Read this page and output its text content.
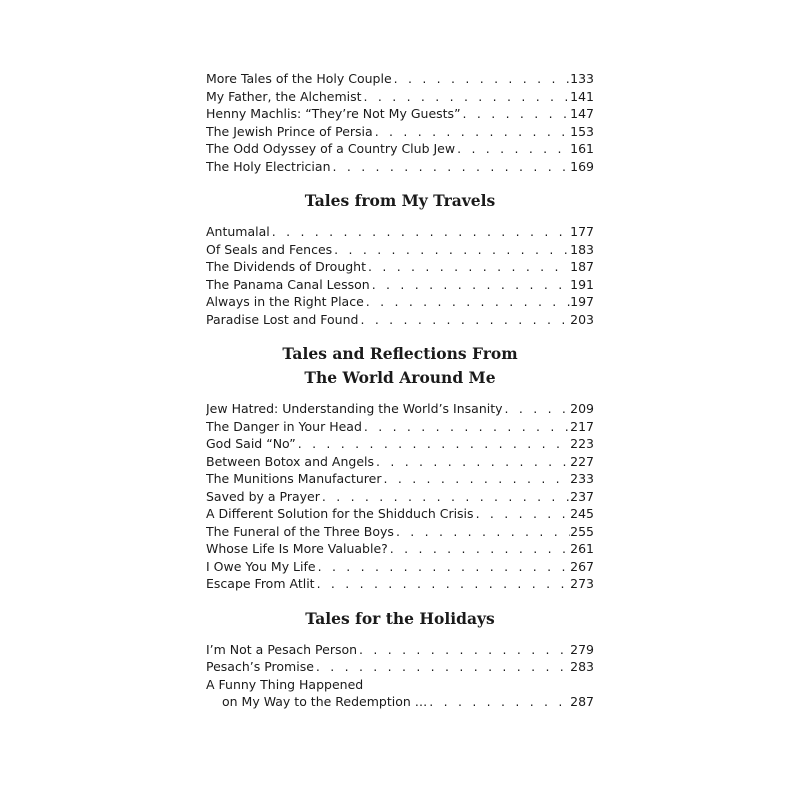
More Tales of the Holy Couple . . .	133
My Father, the Alchemist . . .	141
Henny Machlis: “They’re Not My Guests” . . .	147
The Jewish Prince of Persia . . .	153
The Odd Odyssey of a Country Club Jew . . .	161
The Holy Electrician . . .	169

Tales from My Travels

Antumalal . . .	177
Of Seals and Fences . . .	183
The Dividends of Drought . . .	187
The Panama Canal Lesson . . .	191
Always in the Right Place . . .	197
Paradise Lost and Found . . .	203

Tales and Reflections From

The World Around Me

Jew Hatred: Understanding the World’s Insanity . . .	209
The Danger in Your Head . . .	217
God Said “No” . . .	223
Between Botox and Angels . . .	227
The Munitions Manufacturer . . .	233
Saved by a Prayer . . .	237
A Different Solution for the Shidduch Crisis . . .	245
The Funeral of the Three Boys . . .	255
Whose Life Is More Valuable? . . .	261
I Owe You My Life . . .	267
Escape From Atlit . . .	273

Tales for the Holidays

I’m Not a Pesach Person . . .	279
Pesach’s Promise . . .	283
A Funny Thing Happened
on My Way to the Redemption … . . .	287
